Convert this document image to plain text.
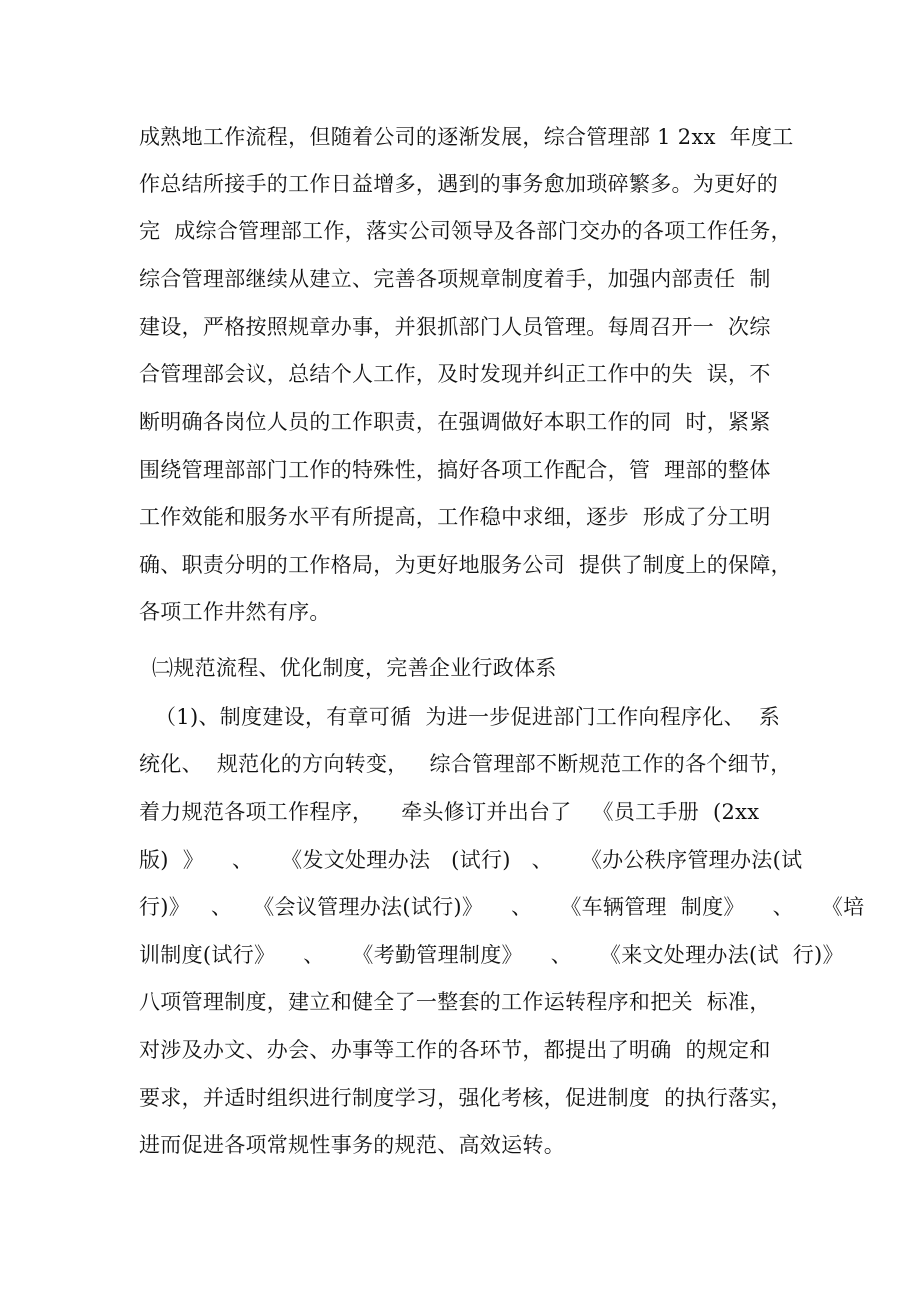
成熟地工作流程，但随着公司的逐渐发展，综合管理部 1 2xx  年度工
作总结所接手的工作日益增多，遇到的事务愈加琐碎繁多。为更好的
完  成综合管理部工作，落实公司领导及各部门交办的各项工作任务，
综合管理部继续从建立、完善各项规章制度着手，加强内部责任  制
建设，严格按照规章办事，并狠抓部门人员管理。每周召开一  次综
合管理部会议，总结个人工作，及时发现并纠正工作中的失  误，不
断明确各岗位人员的工作职责，在强调做好本职工作的同  时，紧紧
围绕管理部部门工作的特殊性，搞好各项工作配合，管  理部的整体
工作效能和服务水平有所提高，工作稳中求细，逐步  形成了分工明
确、职责分明的工作格局，为更好地服务公司  提供了制度上的保障，
各项工作井然有序。
㈡规范流程、优化制度，完善企业行政体系
（1)、制度建设，有章可循  为进一步促进部门工作向程序化、  系
统化、  规范化的方向转变，   综合管理部不断规范工作的各个细节，
着力规范各项工作程序，    牵头修订并出台了   《员工手册  (2xx
版)  》    、    《发文处理办法   (试行)   、    《办公秩序管理办法(试
行)》   、   《会议管理办法(试行)》    、    《车辆管理  制度》    、    《培
训制度(试行》    、    《考勤管理制度》    、    《来文处理办法(试  行)》
八项管理制度，建立和健全了一整套的工作运转程序和把关  标准，
对涉及办文、办会、办事等工作的各环节，都提出了明确  的规定和
要求，并适时组织进行制度学习，强化考核，促进制度  的执行落实，
进而促进各项常规性事务的规范、高效运转。
